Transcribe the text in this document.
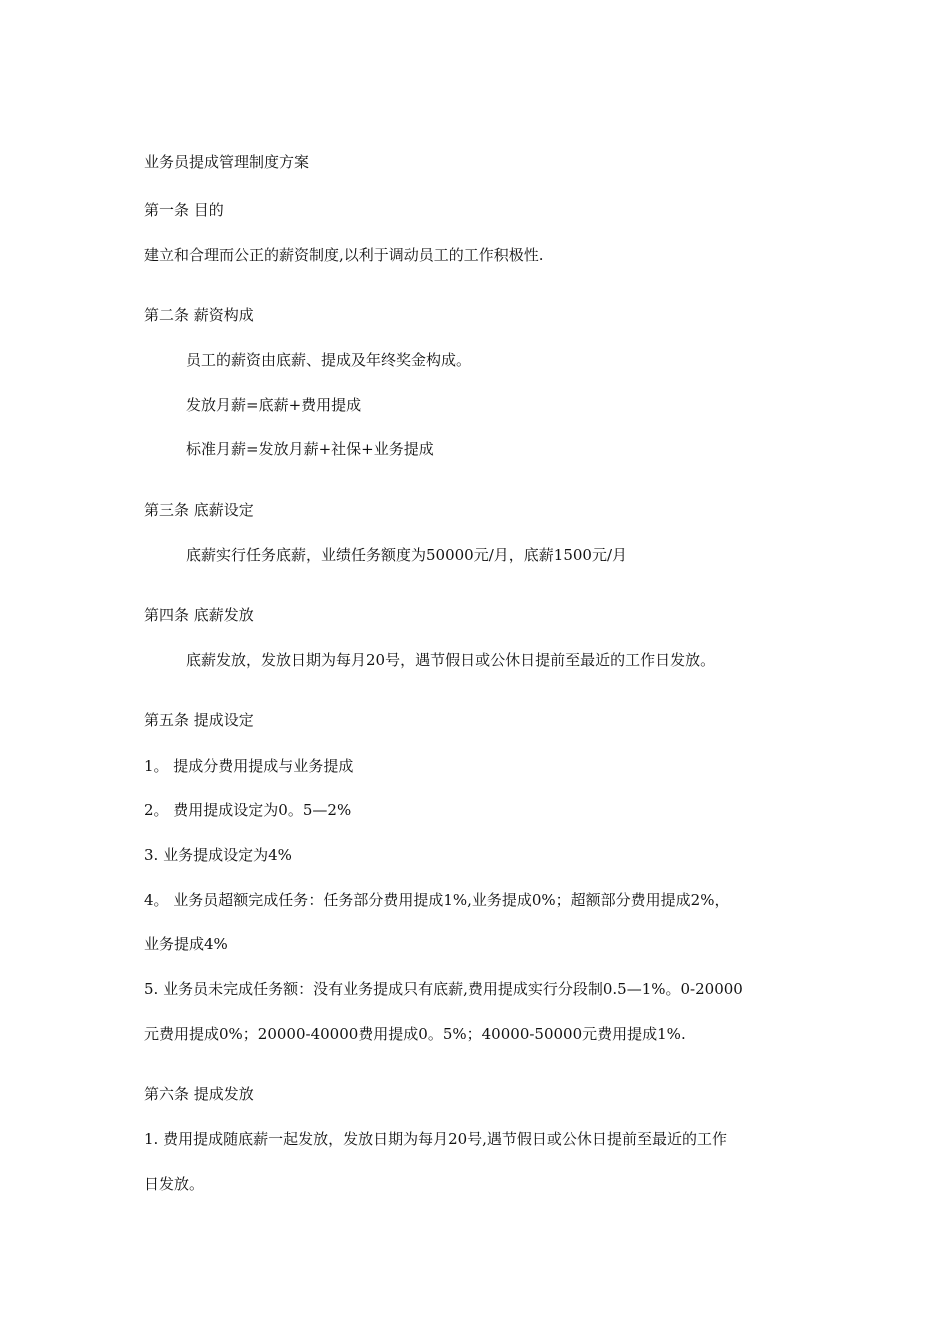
业务员提成管理制度方案
第一条 目的
建立和合理而公正的薪资制度,以利于调动员工的工作积极性.
第二条 薪资构成
员工的薪资由底薪、提成及年终奖金构成。
发放月薪=底薪+费用提成
标准月薪=发放月薪+社保+业务提成
第三条 底薪设定
底薪实行任务底薪，业绩任务额度为50000元/月，底薪1500元/月
第四条 底薪发放
底薪发放，发放日期为每月20号，遇节假日或公休日提前至最近的工作日发放。
第五条 提成设定
1。 提成分费用提成与业务提成
2。 费用提成设定为0。5—2%
3. 业务提成设定为4%
4。 业务员超额完成任务：任务部分费用提成1%,业务提成0%；超额部分费用提成2%，
业务提成4%
5. 业务员未完成任务额：没有业务提成只有底薪,费用提成实行分段制0.5—1%。0-20000
元费用提成0%；20000-40000费用提成0。5%；40000-50000元费用提成1%.
第六条 提成发放
1. 费用提成随底薪一起发放，发放日期为每月20号,遇节假日或公休日提前至最近的工作
日发放。
